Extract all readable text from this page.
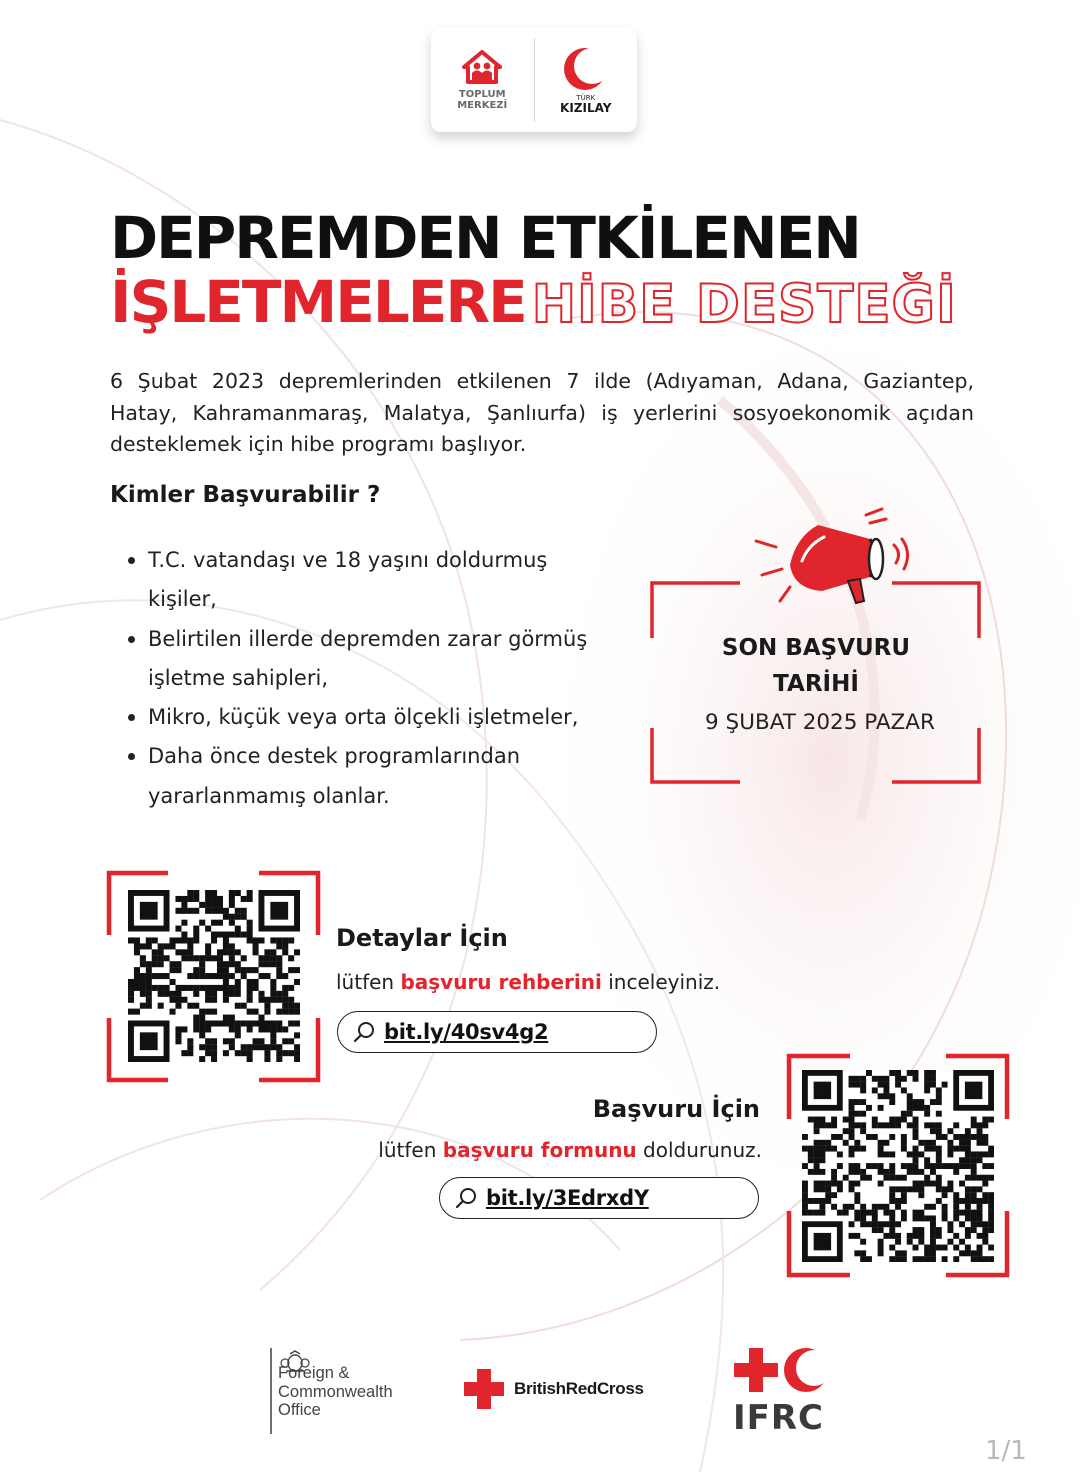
TOPLUM MERKEZİ
TÜRK
KIZILAY
DEPREMDEN ETKİLENEN
İŞLETMELERE HİBE DESTEĞİ

6 Şubat 2023 depremlerinden etkilenen 7 ilde (Adıyaman, Adana, Gaziantep, Hatay, Kahramanmaraş, Malatya, Şanlıurfa) iş yerlerini sosyoekonomik açıdan desteklemek için hibe programı başlıyor.

Kimler Başvurabilir ?
T.C. vatandaşı ve 18 yaşını doldurmuş kişiler,
Belirtilen illerde depremden zarar görmüş işletme sahipleri,
Mikro, küçük veya orta ölçekli işletmeler,
Daha önce destek programlarından yararlanmamış olanlar.
SON BAŞVURU
TARİHİ
9 ŞUBAT 2025 PAZAR
Detaylar İçin
lütfen başvuru rehberini inceleyiniz.
bit.ly/40sv4g2
Başvuru İçin
lütfen başvuru formunu doldurunuz.
bit.ly/3EdrxdY
Foreign &
Commonwealth
Office
BritishRedCross
IFRC
1/1
